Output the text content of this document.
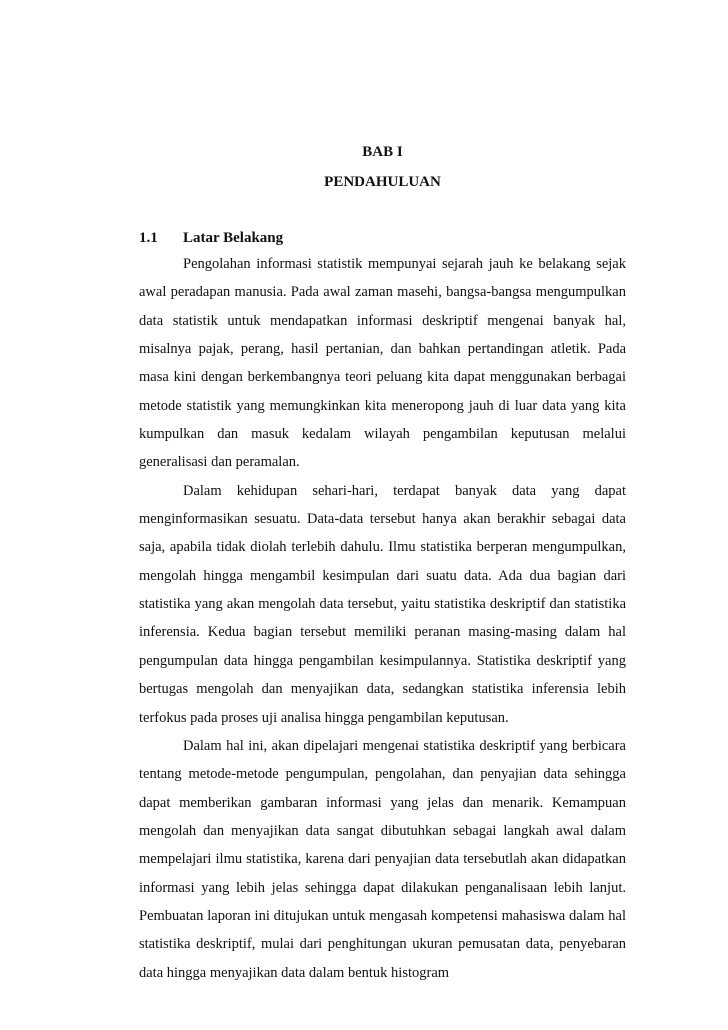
BAB I
PENDAHULUAN
1.1 Latar Belakang

Pengolahan informasi statistik mempunyai sejarah jauh ke belakang sejak awal peradapan manusia. Pada awal zaman masehi, bangsa-bangsa mengumpulkan data statistik untuk mendapatkan informasi deskriptif mengenai banyak hal, misalnya pajak, perang, hasil pertanian, dan bahkan pertandingan atletik. Pada masa kini dengan berkembangnya teori peluang kita dapat menggunakan berbagai metode statistik yang memungkinkan kita meneropong jauh di luar data yang kita kumpulkan dan masuk kedalam wilayah pengambilan keputusan melalui generalisasi dan peramalan.

Dalam kehidupan sehari-hari, terdapat banyak data yang dapat menginformasikan sesuatu. Data-data tersebut hanya akan berakhir sebagai data saja, apabila tidak diolah terlebih dahulu. Ilmu statistika berperan mengumpulkan, mengolah hingga mengambil kesimpulan dari suatu data. Ada dua bagian dari statistika yang akan mengolah data tersebut, yaitu statistika deskriptif dan statistika inferensia. Kedua bagian tersebut memiliki peranan masing-masing dalam hal pengumpulan data hingga pengambilan kesimpulannya. Statistika deskriptif yang bertugas mengolah dan menyajikan data, sedangkan statistika inferensia lebih terfokus pada proses uji analisa hingga pengambilan keputusan.

Dalam hal ini, akan dipelajari mengenai statistika deskriptif yang berbicara tentang metode-metode pengumpulan, pengolahan, dan penyajian data sehingga dapat memberikan gambaran informasi yang jelas dan menarik. Kemampuan mengolah dan menyajikan data sangat dibutuhkan sebagai langkah awal dalam mempelajari ilmu statistika, karena dari penyajian data tersebutlah akan didapatkan informasi yang lebih jelas sehingga dapat dilakukan penganalisaan lebih lanjut. Pembuatan laporan ini ditujukan untuk mengasah kompetensi mahasiswa dalam hal statistika deskriptif, mulai dari penghitungan ukuran pemusatan data, penyebaran data hingga menyajikan data dalam bentuk histogram
